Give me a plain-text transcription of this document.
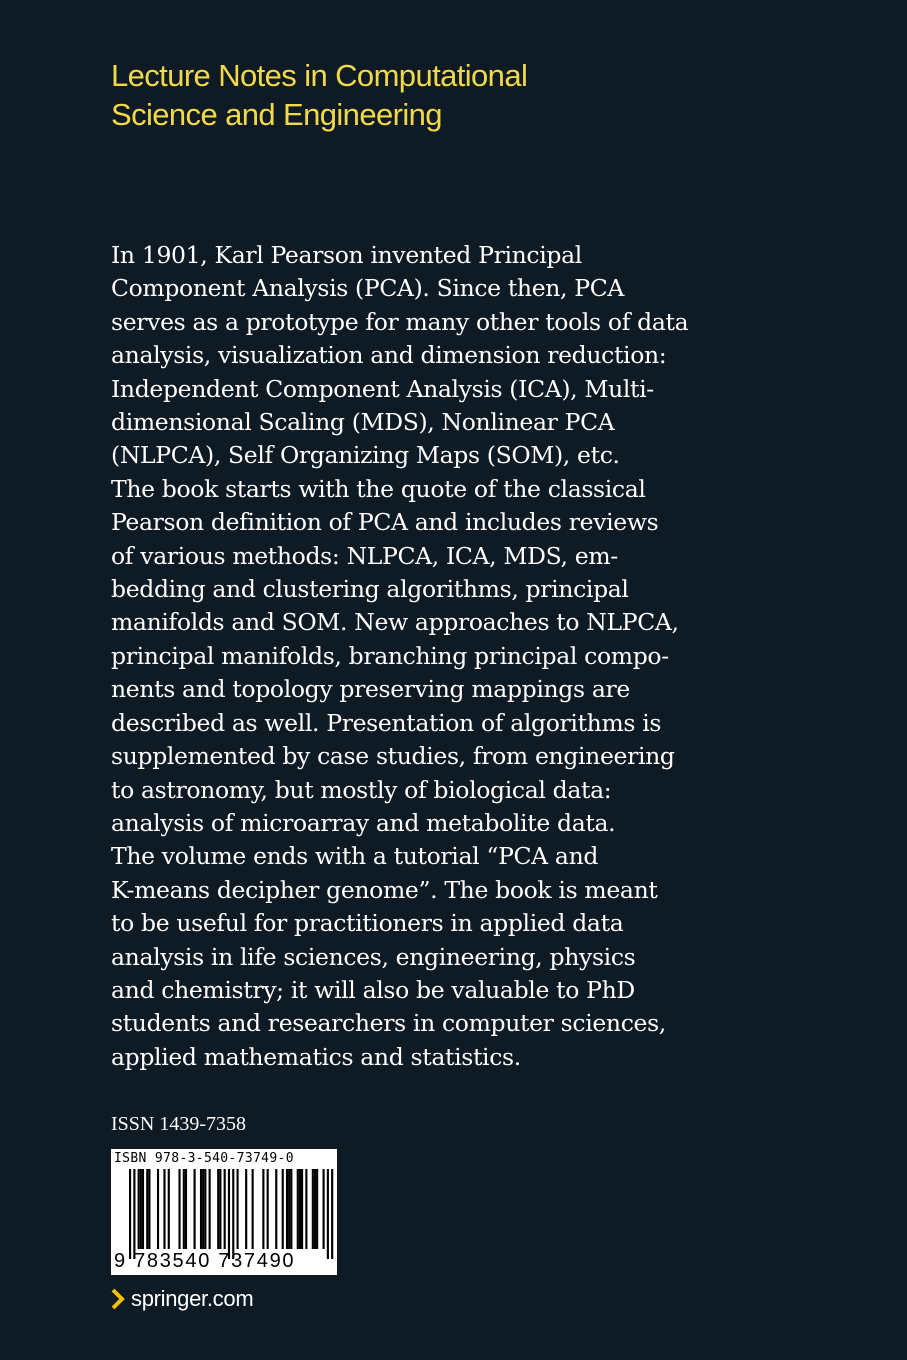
Lecture Notes in Computational
Science and Engineering
In 1901, Karl Pearson invented Principal
Component Analysis (PCA). Since then, PCA
serves as a prototype for many other tools of data
analysis, visualization and dimension reduction:
Independent Component Analysis (ICA), Multi-
dimensional Scaling (MDS), Nonlinear PCA
(NLPCA), Self Organizing Maps (SOM), etc.
The book starts with the quote of the classical
Pearson definition of PCA and includes reviews
of various methods: NLPCA, ICA, MDS, em-
bedding and clustering algorithms, principal
manifolds and SOM. New approaches to NLPCA,
principal manifolds, branching principal compo-
nents and topology preserving mappings are
described as well. Presentation of algorithms is
supplemented by case studies, from engineering
to astronomy, but mostly of biological data:
analysis of microarray and metabolite data.
The volume ends with a tutorial “PCA and
K-means decipher genome”. The book is meant
to be useful for practitioners in applied data
analysis in life sciences, engineering, physics
and chemistry; it will also be valuable to PhD
students and researchers in computer sciences,
applied mathematics and statistics.
ISSN 1439-7358
ISBN 978-3-540-73749-0
9 783540 737490
springer.com
